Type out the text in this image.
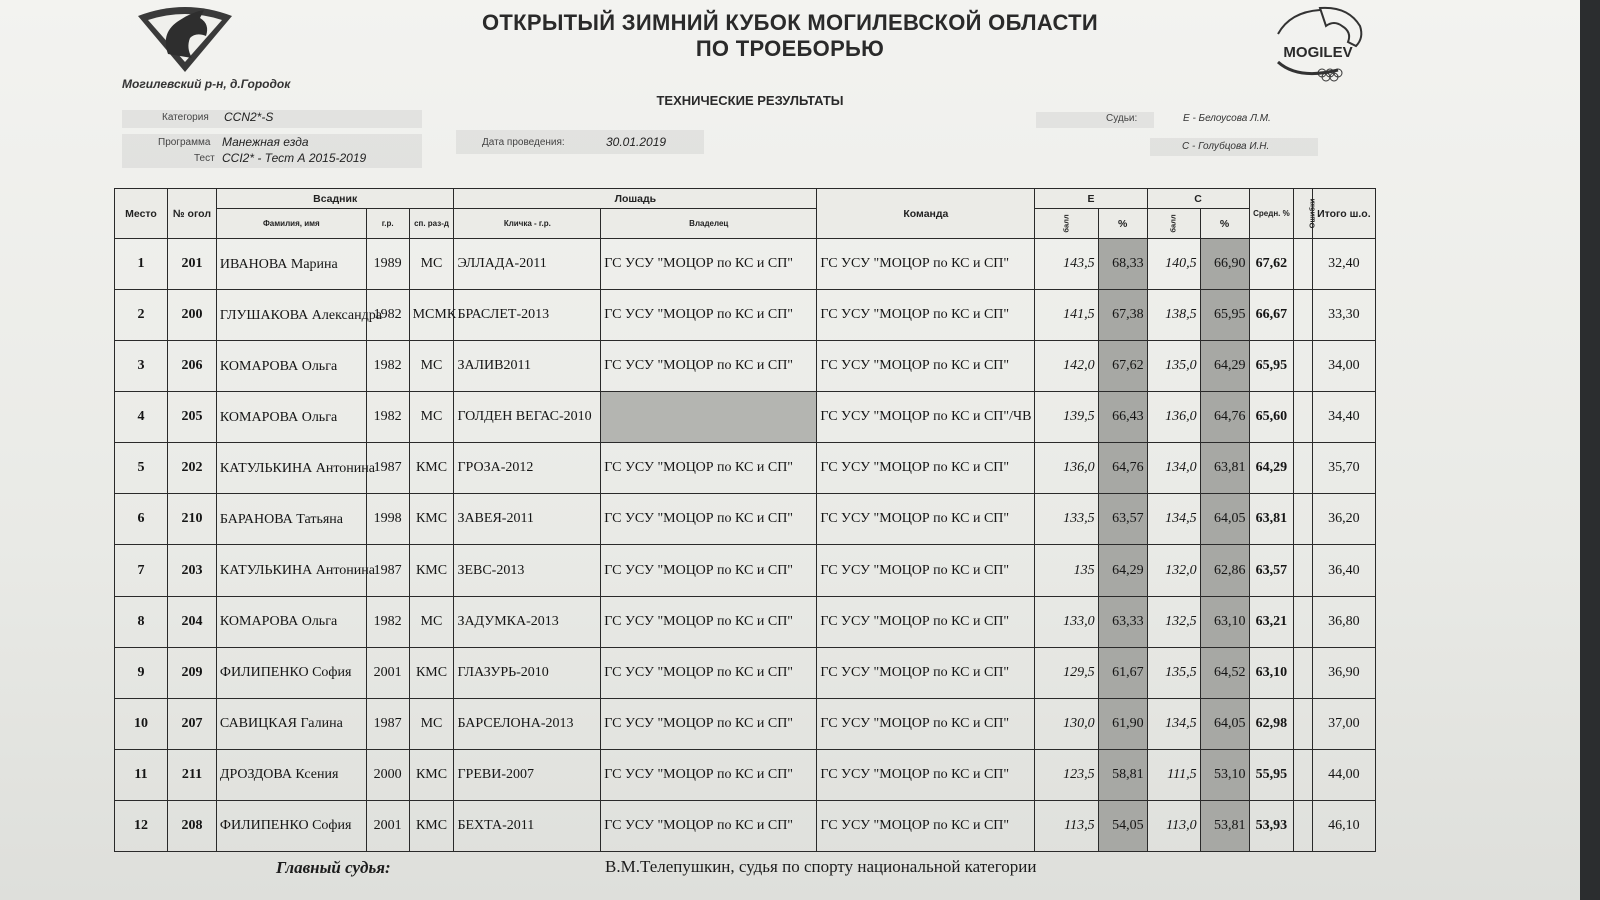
Могилевский р-н, д.Городок
MOGILEV
ОТКРЫТЫЙ ЗИМНИЙ КУБОК МОГИЛЕВСКОЙ ОБЛАСТИ
ПО ТРОЕБОРЬЮ
ТЕХНИЧЕСКИЕ РЕЗУЛЬТАТЫ
Категория CCN2*-S
Программа Манежная езда
Тест CCI2* - Тест А 2015-2019
Дата проведения:	30.01.2019
Судьи:	Е - Белоусова Л.М.
С - Голубцова И.Н.
Место	№ огол	Всадник			Лошадь		Команда	E		C		Средн. %	Ошибки	Итого ш.о.
		Фамилия, имя	г.р.	сп. раз-д	Кличка - г.р.	Владелец		балл	%	балл	%			
1	201	ИВАНОВА Марина	1989	МС	ЭЛЛАДА-2011	ГС УСУ "МОЦОР по КС и СП"	ГС УСУ "МОЦОР по КС и СП"	143,5	68,33	140,5	66,90	67,62		32,40
2	200	ГЛУШАКОВА Александра	1982	МСМК	БРАСЛЕТ-2013	ГС УСУ "МОЦОР по КС и СП"	ГС УСУ "МОЦОР по КС и СП"	141,5	67,38	138,5	65,95	66,67		33,30
3	206	КОМАРОВА Ольга	1982	МС	ЗАЛИВ2011	ГС УСУ "МОЦОР по КС и СП"	ГС УСУ "МОЦОР по КС и СП"	142,0	67,62	135,0	64,29	65,95		34,00
4	205	КОМАРОВА Ольга	1982	МС	ГОЛДЕН ВЕГАС-2010		ГС УСУ "МОЦОР по КС и СП"/ЧВ	139,5	66,43	136,0	64,76	65,60		34,40
5	202	КАТУЛЬКИНА Антонина	1987	КМС	ГРОЗА-2012	ГС УСУ "МОЦОР по КС и СП"	ГС УСУ "МОЦОР по КС и СП"	136,0	64,76	134,0	63,81	64,29		35,70
6	210	БАРАНОВА Татьяна	1998	КМС	ЗАВЕЯ-2011	ГС УСУ "МОЦОР по КС и СП"	ГС УСУ "МОЦОР по КС и СП"	133,5	63,57	134,5	64,05	63,81		36,20
7	203	КАТУЛЬКИНА Антонина	1987	КМС	ЗЕВС-2013	ГС УСУ "МОЦОР по КС и СП"	ГС УСУ "МОЦОР по КС и СП"	135	64,29	132,0	62,86	63,57		36,40
8	204	КОМАРОВА Ольга	1982	МС	ЗАДУМКА-2013	ГС УСУ "МОЦОР по КС и СП"	ГС УСУ "МОЦОР по КС и СП"	133,0	63,33	132,5	63,10	63,21		36,80
9	209	ФИЛИПЕНКО София	2001	КМС	ГЛАЗУРЬ-2010	ГС УСУ "МОЦОР по КС и СП"	ГС УСУ "МОЦОР по КС и СП"	129,5	61,67	135,5	64,52	63,10		36,90
10	207	САВИЦКАЯ Галина	1987	МС	БАРСЕЛОНА-2013	ГС УСУ "МОЦОР по КС и СП"	ГС УСУ "МОЦОР по КС и СП"	130,0	61,90	134,5	64,05	62,98		37,00
11	211	ДРОЗДОВА Ксения	2000	КМС	ГРЕВИ-2007	ГС УСУ "МОЦОР по КС и СП"	ГС УСУ "МОЦОР по КС и СП"	123,5	58,81	111,5	53,10	55,95		44,00
12	208	ФИЛИПЕНКО София	2001	КМС	БЕХТА-2011	ГС УСУ "МОЦОР по КС и СП"	ГС УСУ "МОЦОР по КС и СП"	113,5	54,05	113,0	53,81	53,93		46,10
Главный судья:	В.М.Телепушкин, судья по спорту национальной категории
